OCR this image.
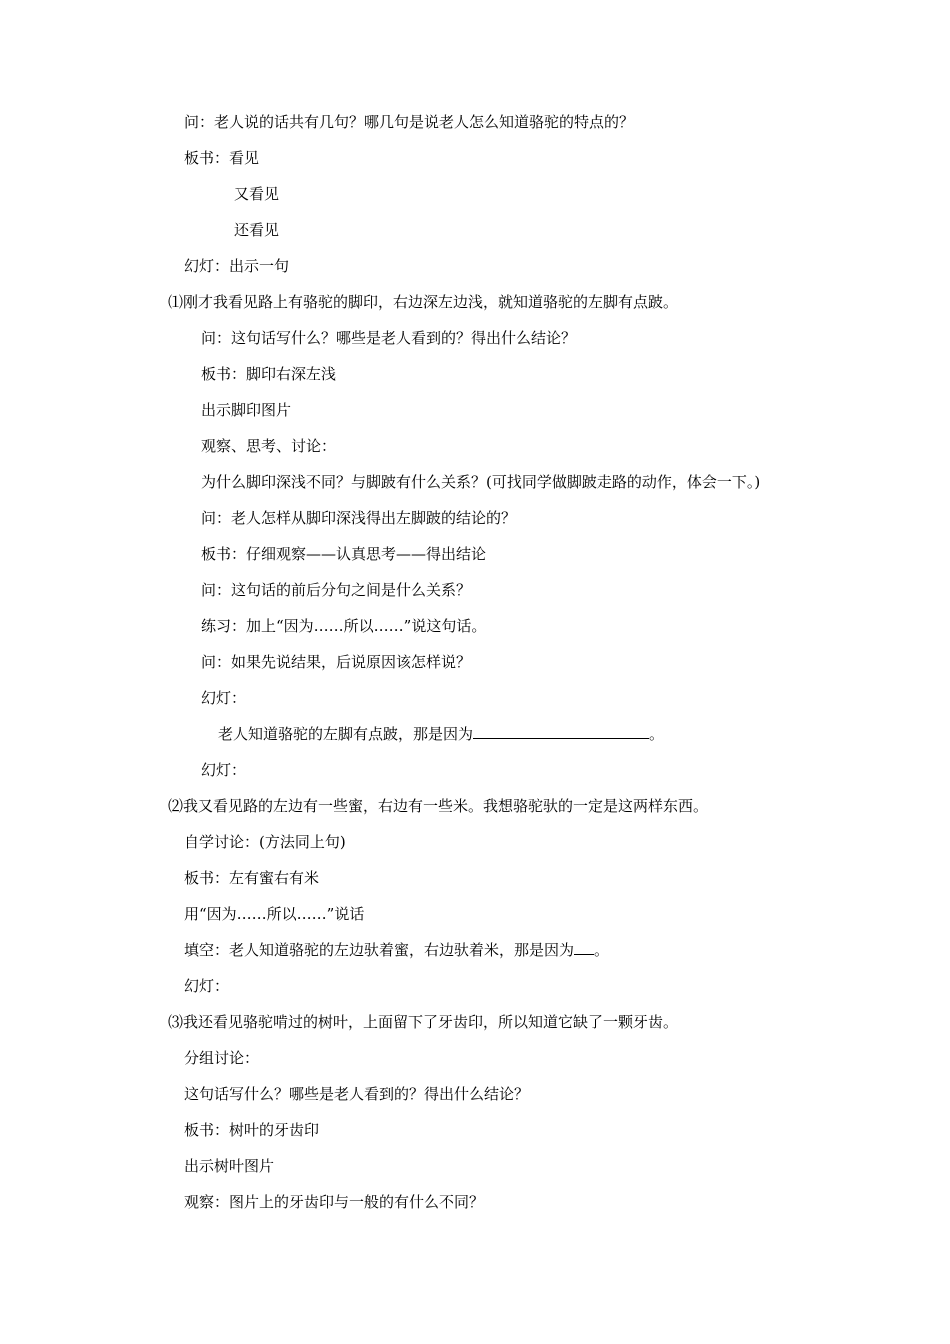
问：老人说的话共有几句？哪几句是说老人怎么知道骆驼的特点的？
板书：看见
又看见
还看见
幻灯：出示一句
⑴刚才我看见路上有骆驼的脚印，右边深左边浅，就知道骆驼的左脚有点跛。
问：这句话写什么？哪些是老人看到的？得出什么结论？
板书：脚印右深左浅
出示脚印图片
观察、思考、讨论：
为什么脚印深浅不同？与脚跛有什么关系？(可找同学做脚跛走路的动作，体会一下。)
问：老人怎样从脚印深浅得出左脚跛的结论的？
板书：仔细观察——认真思考——得出结论
问：这句话的前后分句之间是什么关系？
练习：加上“因为……所以……”说这句话。
问：如果先说结果，后说原因该怎样说？
幻灯：
老人知道骆驼的左脚有点跛，那是因为	。
幻灯：
⑵我又看见路的左边有一些蜜，右边有一些米。我想骆驼驮的一定是这两样东西。
自学讨论：(方法同上句)
板书：左有蜜右有米
用“因为……所以……”说话
填空：老人知道骆驼的左边驮着蜜，右边驮着米，那是因为 。
幻灯：
⑶我还看见骆驼啃过的树叶，上面留下了牙齿印，所以知道它缺了一颗牙齿。
分组讨论：
这句话写什么？哪些是老人看到的？得出什么结论？
板书：树叶的牙齿印
出示树叶图片
观察：图片上的牙齿印与一般的有什么不同？
